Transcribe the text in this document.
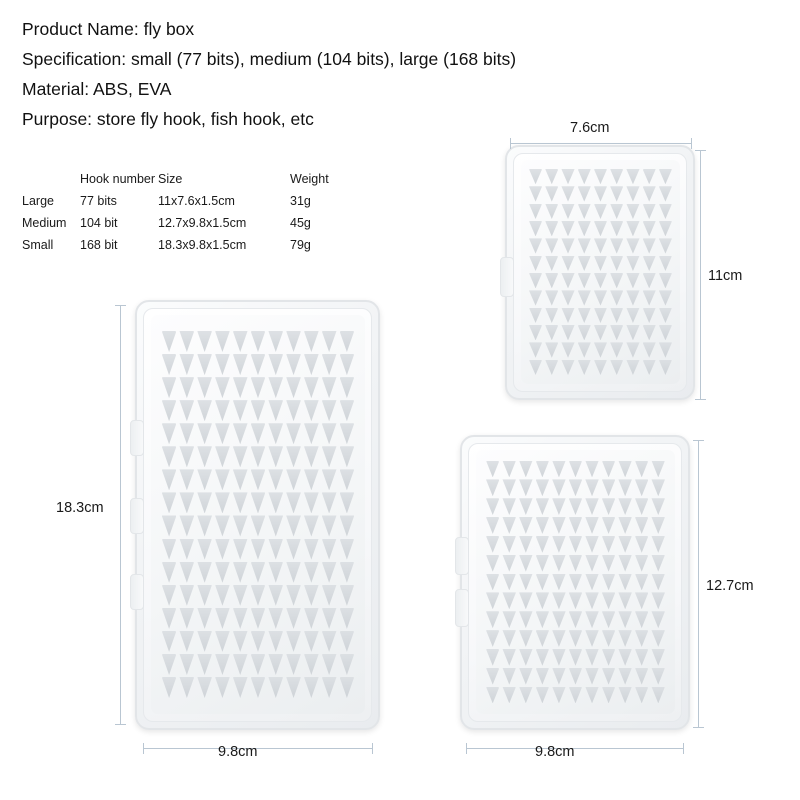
Product Name: fly box
Specification: small (77 bits), medium (104 bits), large (168 bits)
Material: ABS, EVA
Purpose: store fly hook, fish hook, etc
	Hook number	Size	Weight
Large	77 bits	11x7.6x1.5cm	31g
Medium	104 bit	12.7x9.8x1.5cm	45g
Small	168 bit	18.3x9.8x1.5cm	79g
9.8cm
18.3cm
7.6cm
11cm
9.8cm
12.7cm
